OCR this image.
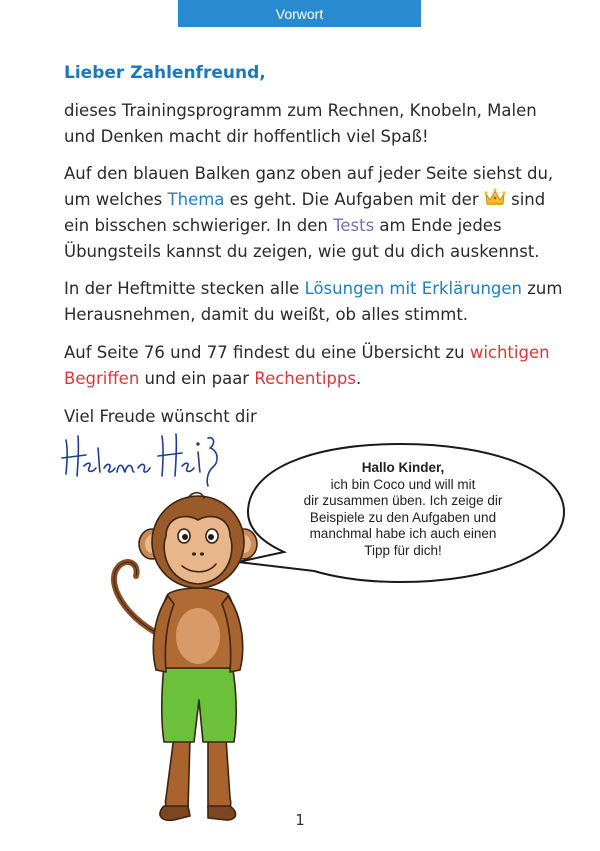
Vorwort

Lieber Zahlenfreund,

dieses Trainingsprogramm zum Rechnen, Knobeln, Malen und Denken macht dir hoffentlich viel Spaß!

Auf den blauen Balken ganz oben auf jeder Seite siehst du, um welches Thema es geht. Die Aufgaben mit der  sind ein bisschen schwieriger. In den Tests am Ende jedes Übungsteils kannst du zeigen, wie gut du dich auskennst.

In der Heftmitte stecken alle Lösungen mit Erklärungen zum Herausnehmen, damit du weißt, ob alles stimmt.

Auf Seite 76 und 77 findest du eine Übersicht zu wichtigen Begriffen und ein paar Rechentipps.

Viel Freude wünscht dir

Hallo Kinder,
ich bin Coco und will mit
dir zusammen üben. Ich zeige dir
Beispiele zu den Aufgaben und
manchmal habe ich auch einen
Tipp für dich!
1
